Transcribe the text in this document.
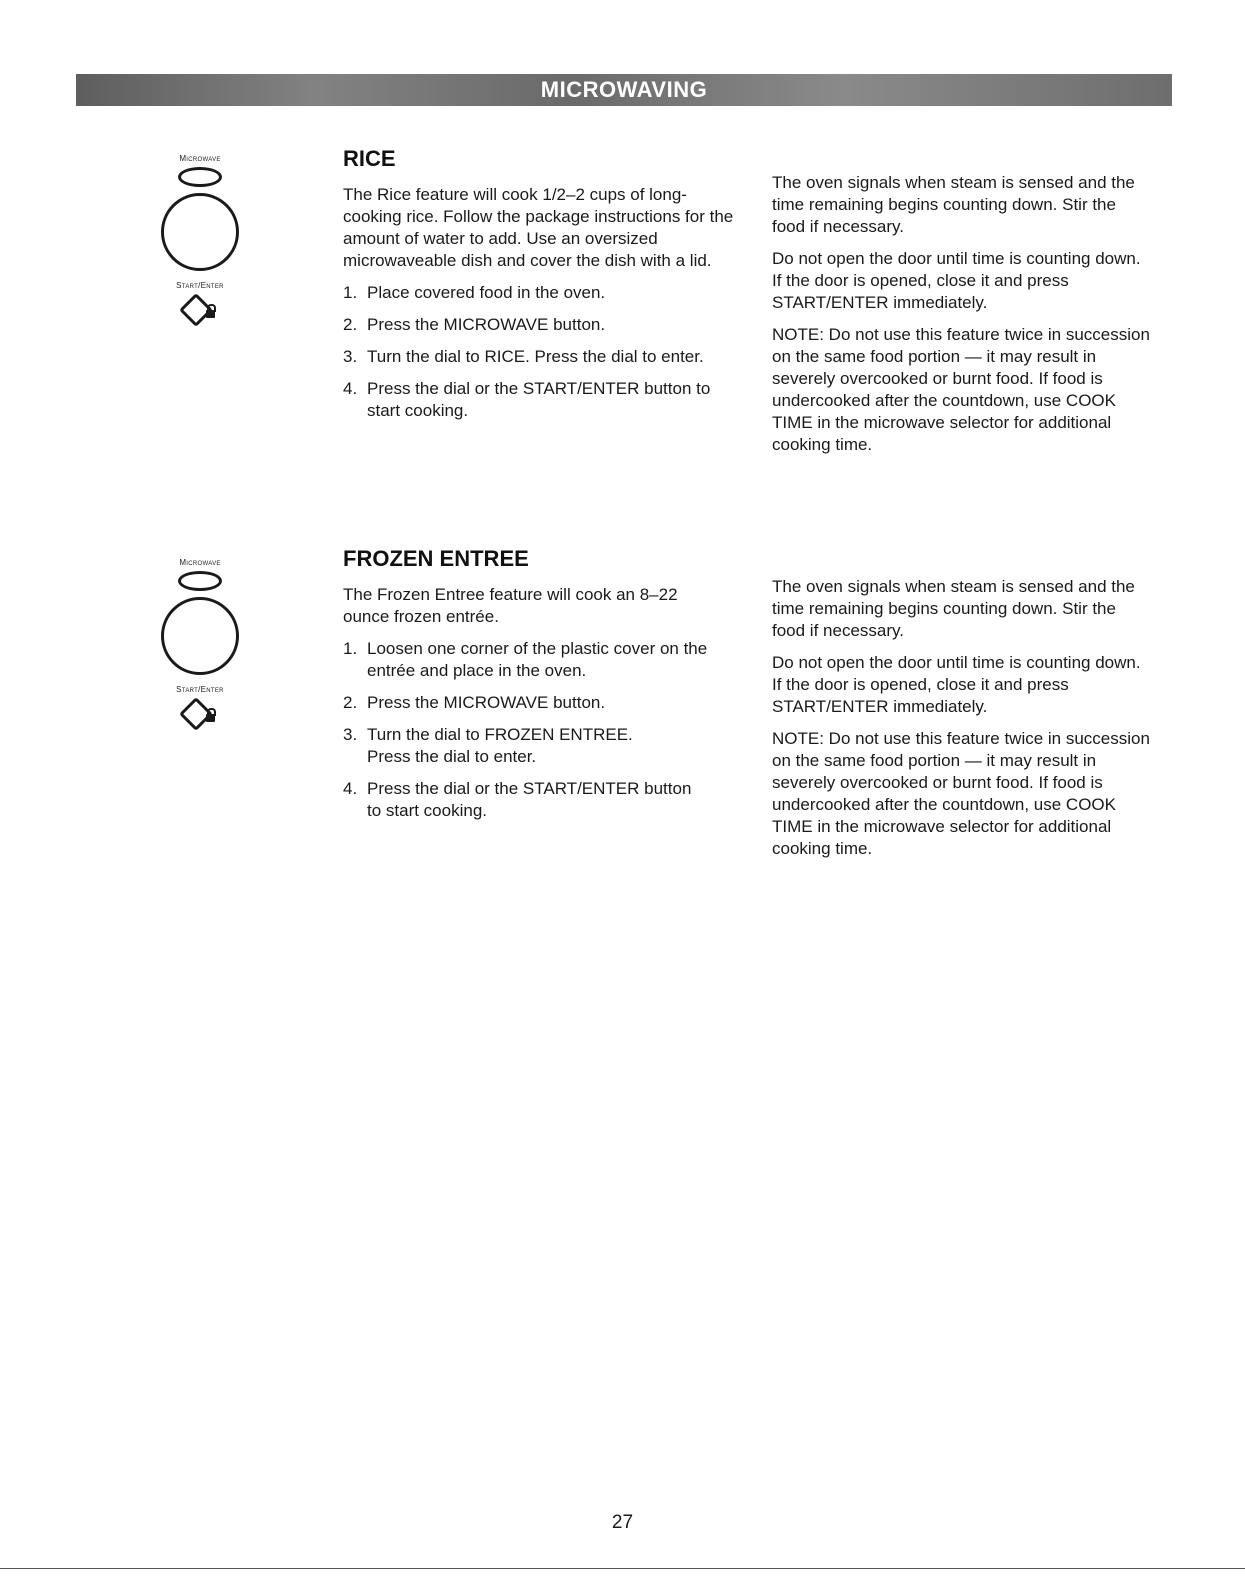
MICROWAVING
Microwave
Start/Enter
RICE

The Rice feature will cook 1/2–2 cups of long-cooking rice. Follow the package instructions for the amount of water to add. Use an oversized microwaveable dish and cover the dish with a lid.

1. Place covered food in the oven.
2. Press the MICROWAVE button.
3. Turn the dial to RICE. Press the dial to enter.
4. Press the dial or the START/ENTER button to start cooking.

The oven signals when steam is sensed and the time remaining begins counting down. Stir the food if necessary.

Do not open the door until time is counting down. If the door is opened, close it and press START/ENTER immediately.

NOTE: Do not use this feature twice in succession on the same food portion — it may result in severely overcooked or burnt food. If food is undercooked after the countdown, use COOK TIME in the microwave selector for additional cooking time.

Microwave
Start/Enter
FROZEN ENTREE

The Frozen Entree feature will cook an 8–22 ounce frozen entrée.

1. Loosen one corner of the plastic cover on the entrée and place in the oven.
2. Press the MICROWAVE button.
3. Turn the dial to FROZEN ENTREE. Press the dial to enter.
4. Press the dial or the START/ENTER button to start cooking.

The oven signals when steam is sensed and the time remaining begins counting down. Stir the food if necessary.

Do not open the door until time is counting down. If the door is opened, close it and press START/ENTER immediately.

NOTE: Do not use this feature twice in succession on the same food portion — it may result in severely overcooked or burnt food. If food is undercooked after the countdown, use COOK TIME in the microwave selector for additional cooking time.

27
